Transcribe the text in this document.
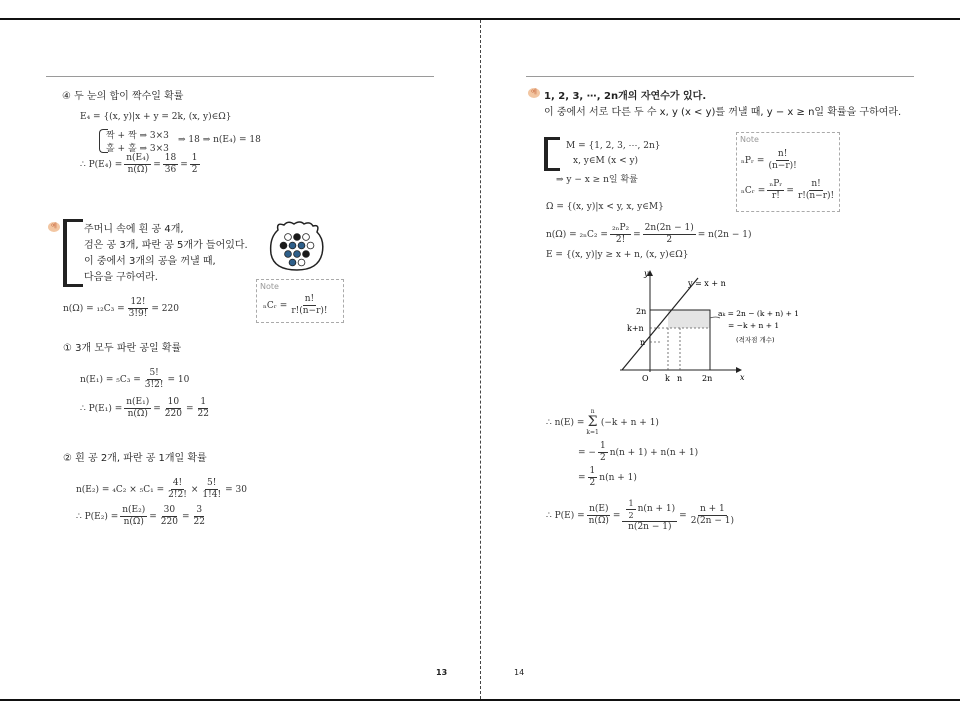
④ 두 눈의 합이 짝수일 확률
E₄ = {(x, y)|x + y = 2k, (x, y)∈Ω}
짝 + 짝 ⇒ 3×3
홀 + 홀 ⇒ 3×3
⇒ 18 ⇒ n(E₄) = 18
∴ $P(E_4) = \frac{\text{n(E₄)}}{n(\Omega)} = \frac{18}{36} = \frac{1}{2}$
예	주머니 속에 흰 공 4개,
검은 공 3개, 파란 공 5개가 들어있다.
이 중에서 3개의 공을 꺼낼 때,
다음을 구하여라.
Note
ₙCᵣ = $\frac{n!}{r!(n-r)!}$
$n(\Omega) = _{12}C_3 = \frac{12!}{3!9!} = 220$
① 3개 모두 파란 공일 확률
$n(E_1) = _5C_3 = \frac{5!}{3!2!} = 10$
∴ $P(E_1) = \frac{\text{n(E₁)}}{n(\Omega)} = \frac{10}{220} = \frac{1}{22}$
② 흰 공 2개, 파란 공 1개일 확률
$n(E_2) = _4C_2 \times _5C_1 = \frac{4!}{2!2!} \times \frac{5!}{1!4!} = 30$
∴ $P(E_2) = \frac{\text{n(E₂)}}{n(\Omega)} = \frac{30}{220} = \frac{3}{22}$
13
예 1, 2, 3, ⋯, 2n개의 자연수가 있다.
이 중에서 서로 다른 두 수 x, y (x < y)를 꺼낼 때, y − x ≥ n일 확률을 구하여라.
M = {1, 2, 3, ⋯, 2n}
x, y∈M (x < y)
⇒ y − x ≥ n일 확률
Note
ₙPᵣ = $\frac{n!}{(n-r)!}$
ₙCᵣ = $\frac{\text{ₙPᵣ}}{r!} = \frac{n!}{r!(n-r)!}$
Ω = {(x, y)|x < y, x, y∈M}
$n(\Omega) = _{2n}C_2 = \frac{\text{₂ₙP₂}}{2!} = \frac{2n(2n - 1)}{2} = n(2n - 1)$
E = {(x, y)|y ≥ x + n, (x, y)∈Ω}
y
x
y = x + n
2n
k+n
n
O k n 2n
aₖ = 2n − (k + n) + 1
= −k + n + 1
(격자점 개수)
∴ n(E) =
n
Σ
k=1
(−k + n + 1)
= − $\frac{1}{2} n(n + 1) + n(n + 1)$
= $\frac{1}{2} n(n + 1)$
∴ $P(E) = \frac{n(E)}{n(\Omega)} = \frac{\frac{1}{2} n(n + 1)}{n(2n - 1)} = \frac{n + 1}{2(2n - 1)}$
14
